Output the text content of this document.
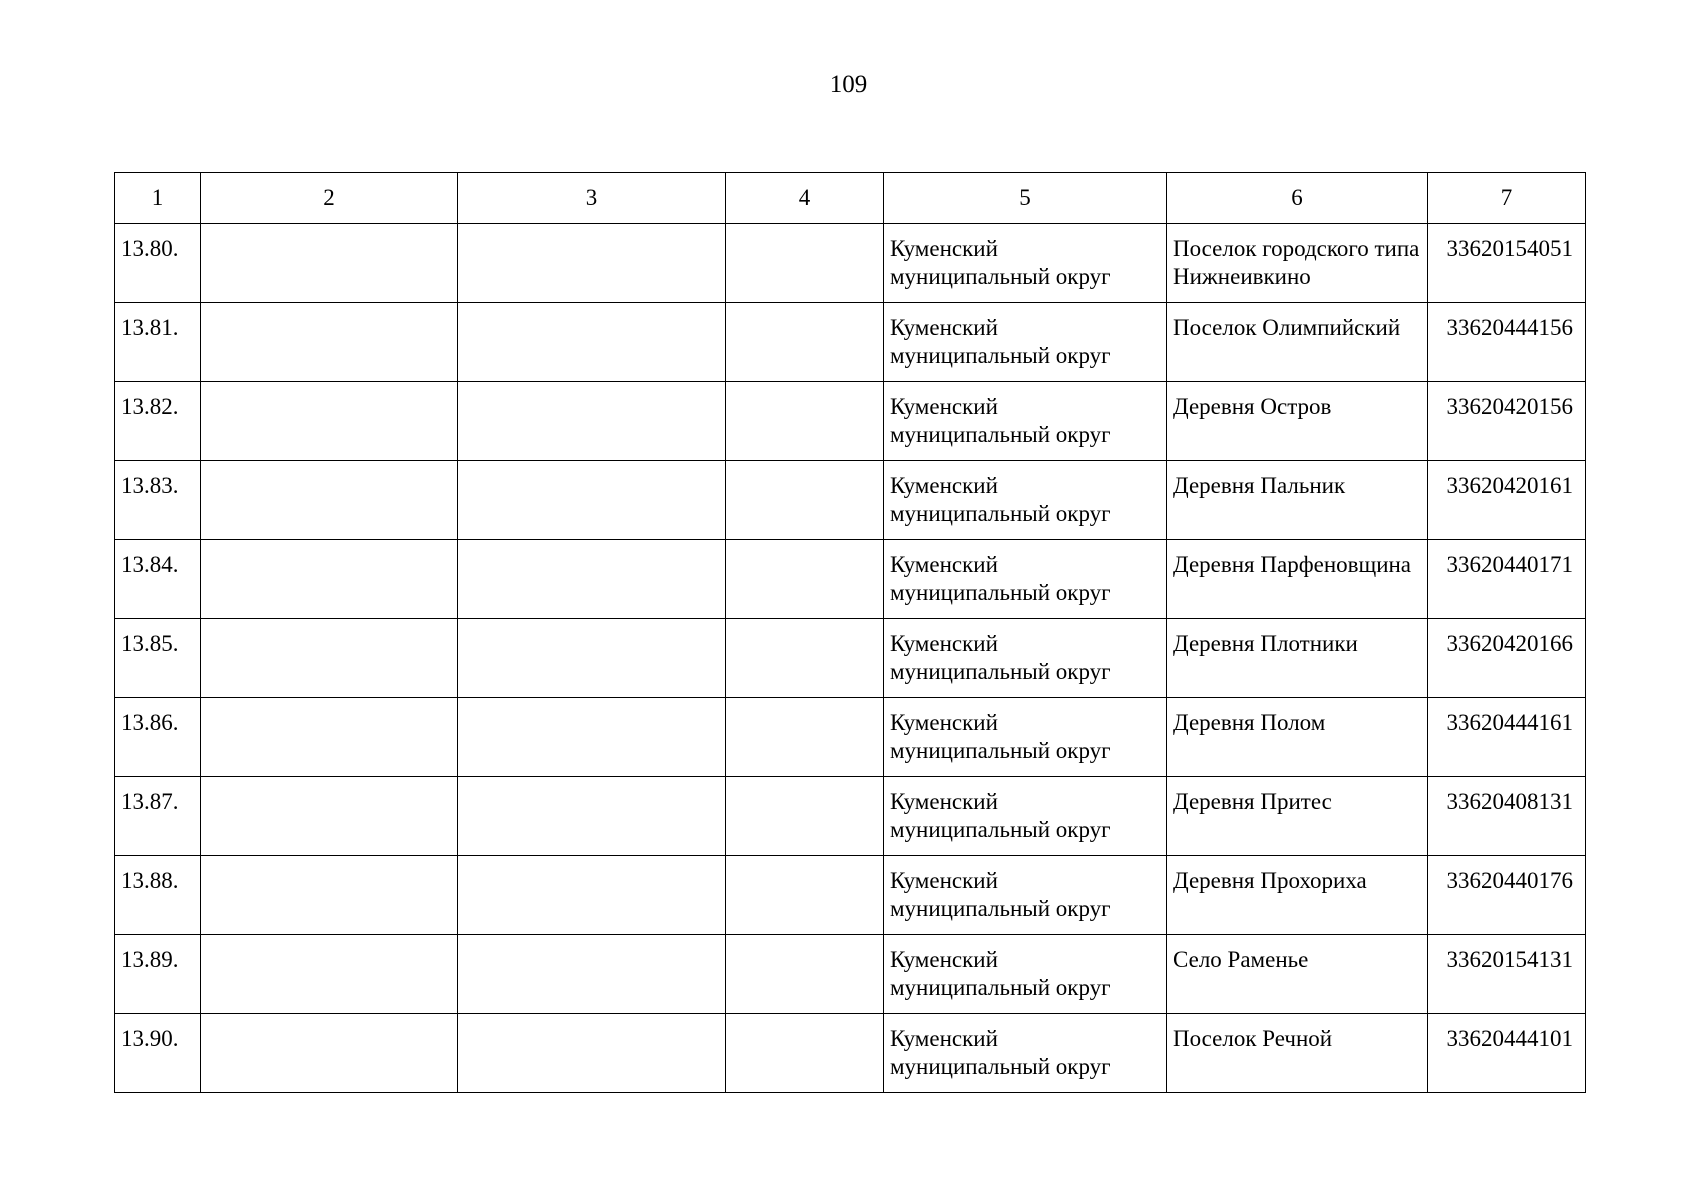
109
1	2	3	4	5	6	7
13.80.				Куменский муниципальный округ	Поселок городского типа Нижнеивкино	33620154051
13.81.				Куменский муниципальный округ	Поселок Олимпийский	33620444156
13.82.				Куменский муниципальный округ	Деревня Остров	33620420156
13.83.				Куменский муниципальный округ	Деревня Пальник	33620420161
13.84.				Куменский муниципальный округ	Деревня Парфеновщина	33620440171
13.85.				Куменский муниципальный округ	Деревня Плотники	33620420166
13.86.				Куменский муниципальный округ	Деревня Полом	33620444161
13.87.				Куменский муниципальный округ	Деревня Притес	33620408131
13.88.				Куменский муниципальный округ	Деревня Прохориха	33620440176
13.89.				Куменский муниципальный округ	Село Раменье	33620154131
13.90.				Куменский муниципальный округ	Поселок Речной	33620444101
